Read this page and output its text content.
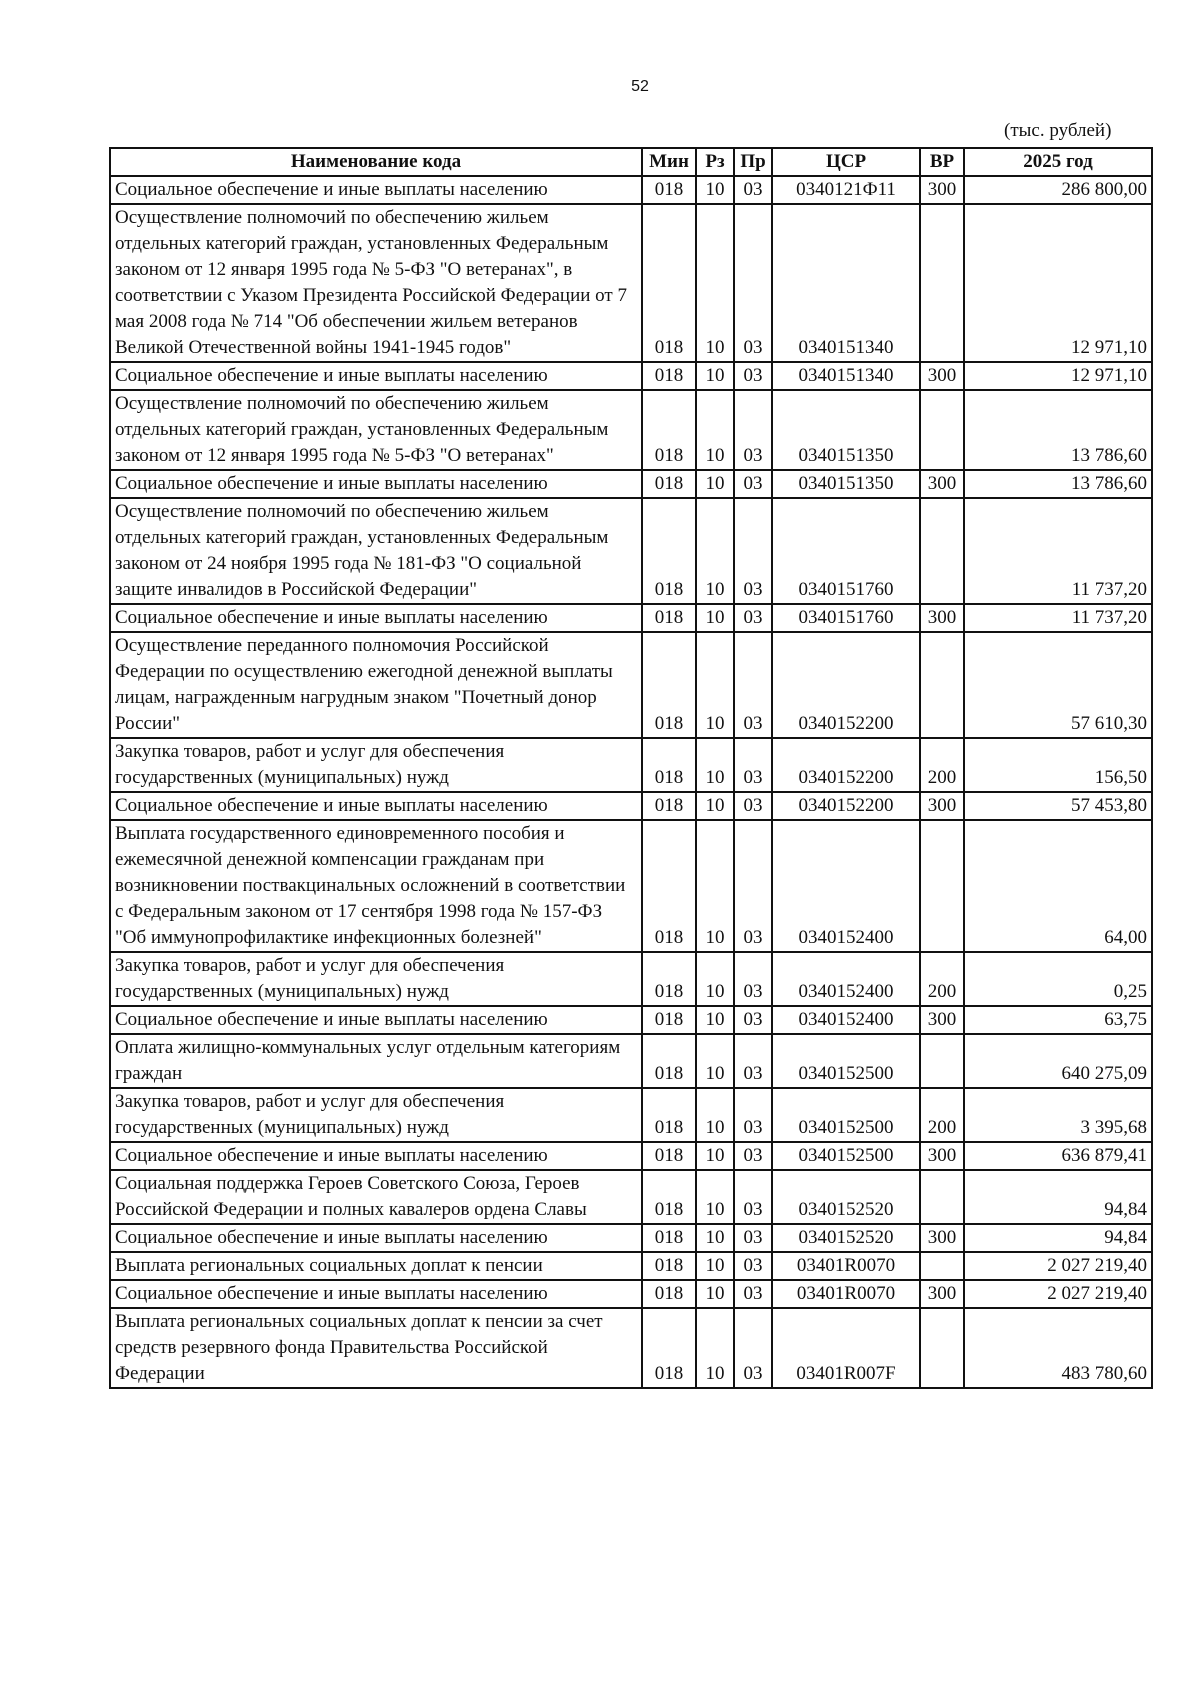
52
(тыс. рублей)
Наименование кода	Мин	Рз	Пр	ЦСР	ВР	2025 год
Социальное обеспечение и иные выплаты населению	018	10	03	0340121Ф11	300	286 800,00
Осуществление полномочий по обеспечению жильем отдельных категорий граждан, установленных Федеральным законом от 12 января 1995 года № 5-ФЗ "О ветеранах", в соответствии с Указом Президента Российской Федерации от 7 мая 2008 года № 714 "Об обеспечении жильем ветеранов Великой Отечественной войны 1941-1945 годов"	018	10	03	0340151340		12 971,10
Социальное обеспечение и иные выплаты населению	018	10	03	0340151340	300	12 971,10
Осуществление полномочий по обеспечению жильем отдельных категорий граждан, установленных Федеральным законом от 12 января 1995 года № 5-ФЗ "О ветеранах"	018	10	03	0340151350		13 786,60
Социальное обеспечение и иные выплаты населению	018	10	03	0340151350	300	13 786,60
Осуществление полномочий по обеспечению жильем отдельных категорий граждан, установленных Федеральным законом от 24 ноября 1995 года № 181-ФЗ "О социальной защите инвалидов в Российской Федерации"	018	10	03	0340151760		11 737,20
Социальное обеспечение и иные выплаты населению	018	10	03	0340151760	300	11 737,20
Осуществление переданного полномочия Российской Федерации по осуществлению ежегодной денежной выплаты лицам, награжденным нагрудным знаком "Почетный донор России"	018	10	03	0340152200		57 610,30
Закупка товаров, работ и услуг для обеспечения государственных (муниципальных) нужд	018	10	03	0340152200	200	156,50
Социальное обеспечение и иные выплаты населению	018	10	03	0340152200	300	57 453,80
Выплата государственного единовременного пособия и ежемесячной денежной компенсации гражданам при возникновении поствакцинальных осложнений в соответствии с Федеральным законом от 17 сентября 1998 года № 157-ФЗ "Об иммунопрофилактике инфекционных болезней"	018	10	03	0340152400		64,00
Закупка товаров, работ и услуг для обеспечения государственных (муниципальных) нужд	018	10	03	0340152400	200	0,25
Социальное обеспечение и иные выплаты населению	018	10	03	0340152400	300	63,75
Оплата жилищно-коммунальных услуг отдельным категориям граждан	018	10	03	0340152500		640 275,09
Закупка товаров, работ и услуг для обеспечения государственных (муниципальных) нужд	018	10	03	0340152500	200	3 395,68
Социальное обеспечение и иные выплаты населению	018	10	03	0340152500	300	636 879,41
Социальная поддержка Героев Советского Союза, Героев Российской Федерации и полных кавалеров ордена Славы	018	10	03	0340152520		94,84
Социальное обеспечение и иные выплаты населению	018	10	03	0340152520	300	94,84
Выплата региональных социальных доплат к пенсии	018	10	03	03401R0070		2 027 219,40
Социальное обеспечение и иные выплаты населению	018	10	03	03401R0070	300	2 027 219,40
Выплата региональных социальных доплат к пенсии за счет средств резервного фонда Правительства Российской Федерации	018	10	03	03401R007F		483 780,60
